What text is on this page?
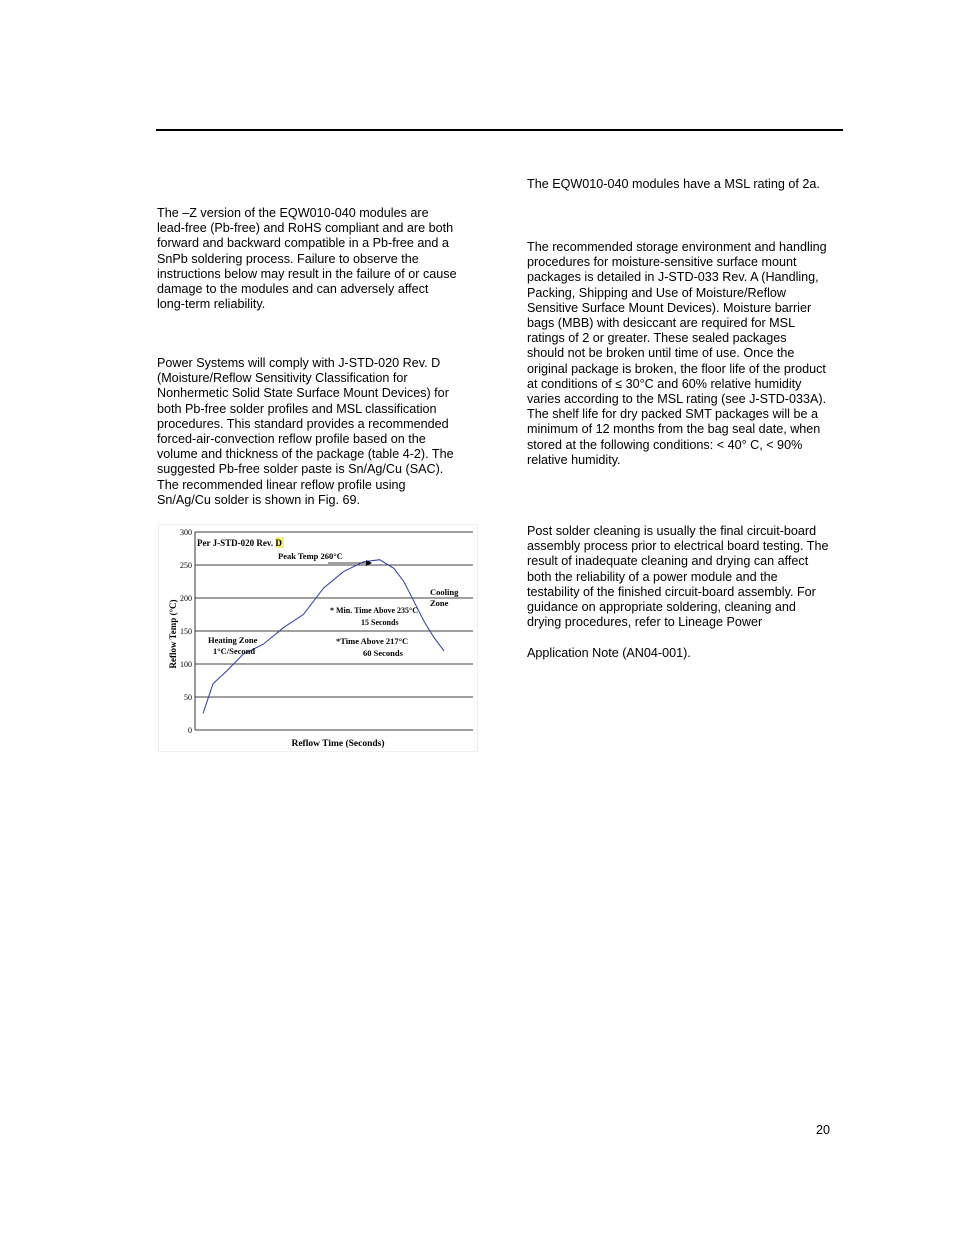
The –Z version of the EQW010-040 modules are
lead-free (Pb-free) and RoHS compliant and are both
forward and backward compatible in a Pb-free and a
SnPb soldering process. Failure to observe the
instructions below may result in the failure of or cause
damage to the modules and can adversely affect
long-term reliability.

Power Systems will comply with J-STD-020 Rev. D
(Moisture/Reflow Sensitivity Classification for
Nonhermetic Solid State Surface Mount Devices) for
both Pb-free solder profiles and MSL classification
procedures. This standard provides a recommended
forced-air-convection reflow profile based on the
volume and thickness of the package (table 4-2). The
suggested Pb-free solder paste is Sn/Ag/Cu (SAC).
The recommended linear reflow profile using
Sn/Ag/Cu solder is shown in Fig. 69.

The EQW010-040 modules have a MSL rating of 2a.

The recommended storage environment and handling
procedures for moisture-sensitive surface mount
packages is detailed in J-STD-033 Rev. A (Handling,
Packing, Shipping and Use of Moisture/Reflow
Sensitive Surface Mount Devices). Moisture barrier
bags (MBB) with desiccant are required for MSL
ratings of 2 or greater. These sealed packages
should not be broken until time of use. Once the
original package is broken, the floor life of the product
at conditions of ≤ 30°C and 60% relative humidity
varies according to the MSL rating (see J-STD-033A).
The shelf life for dry packed SMT packages will be a
minimum of 12 months from the bag seal date, when
stored at the following conditions: < 40° C, < 90%
relative humidity.

Post solder cleaning is usually the final circuit-board
assembly process prior to electrical board testing. The
result of inadequate cleaning and drying can affect
both the reliability of a power module and the
testability of the finished circuit-board assembly. For
guidance on appropriate soldering, cleaning and
drying procedures, refer to Lineage Power

Application Note (AN04-001).

0
50
100
150
200
250
300
Per J-STD-020 Rev. D
Peak Temp 260°C
Cooling
Zone
* Min. Time Above 235°C
15 Seconds
Heating Zone
1°C/Second
*Time Above 217°C
60 Seconds
Reflow Time (Seconds)
Reflow Temp (°C)
20
